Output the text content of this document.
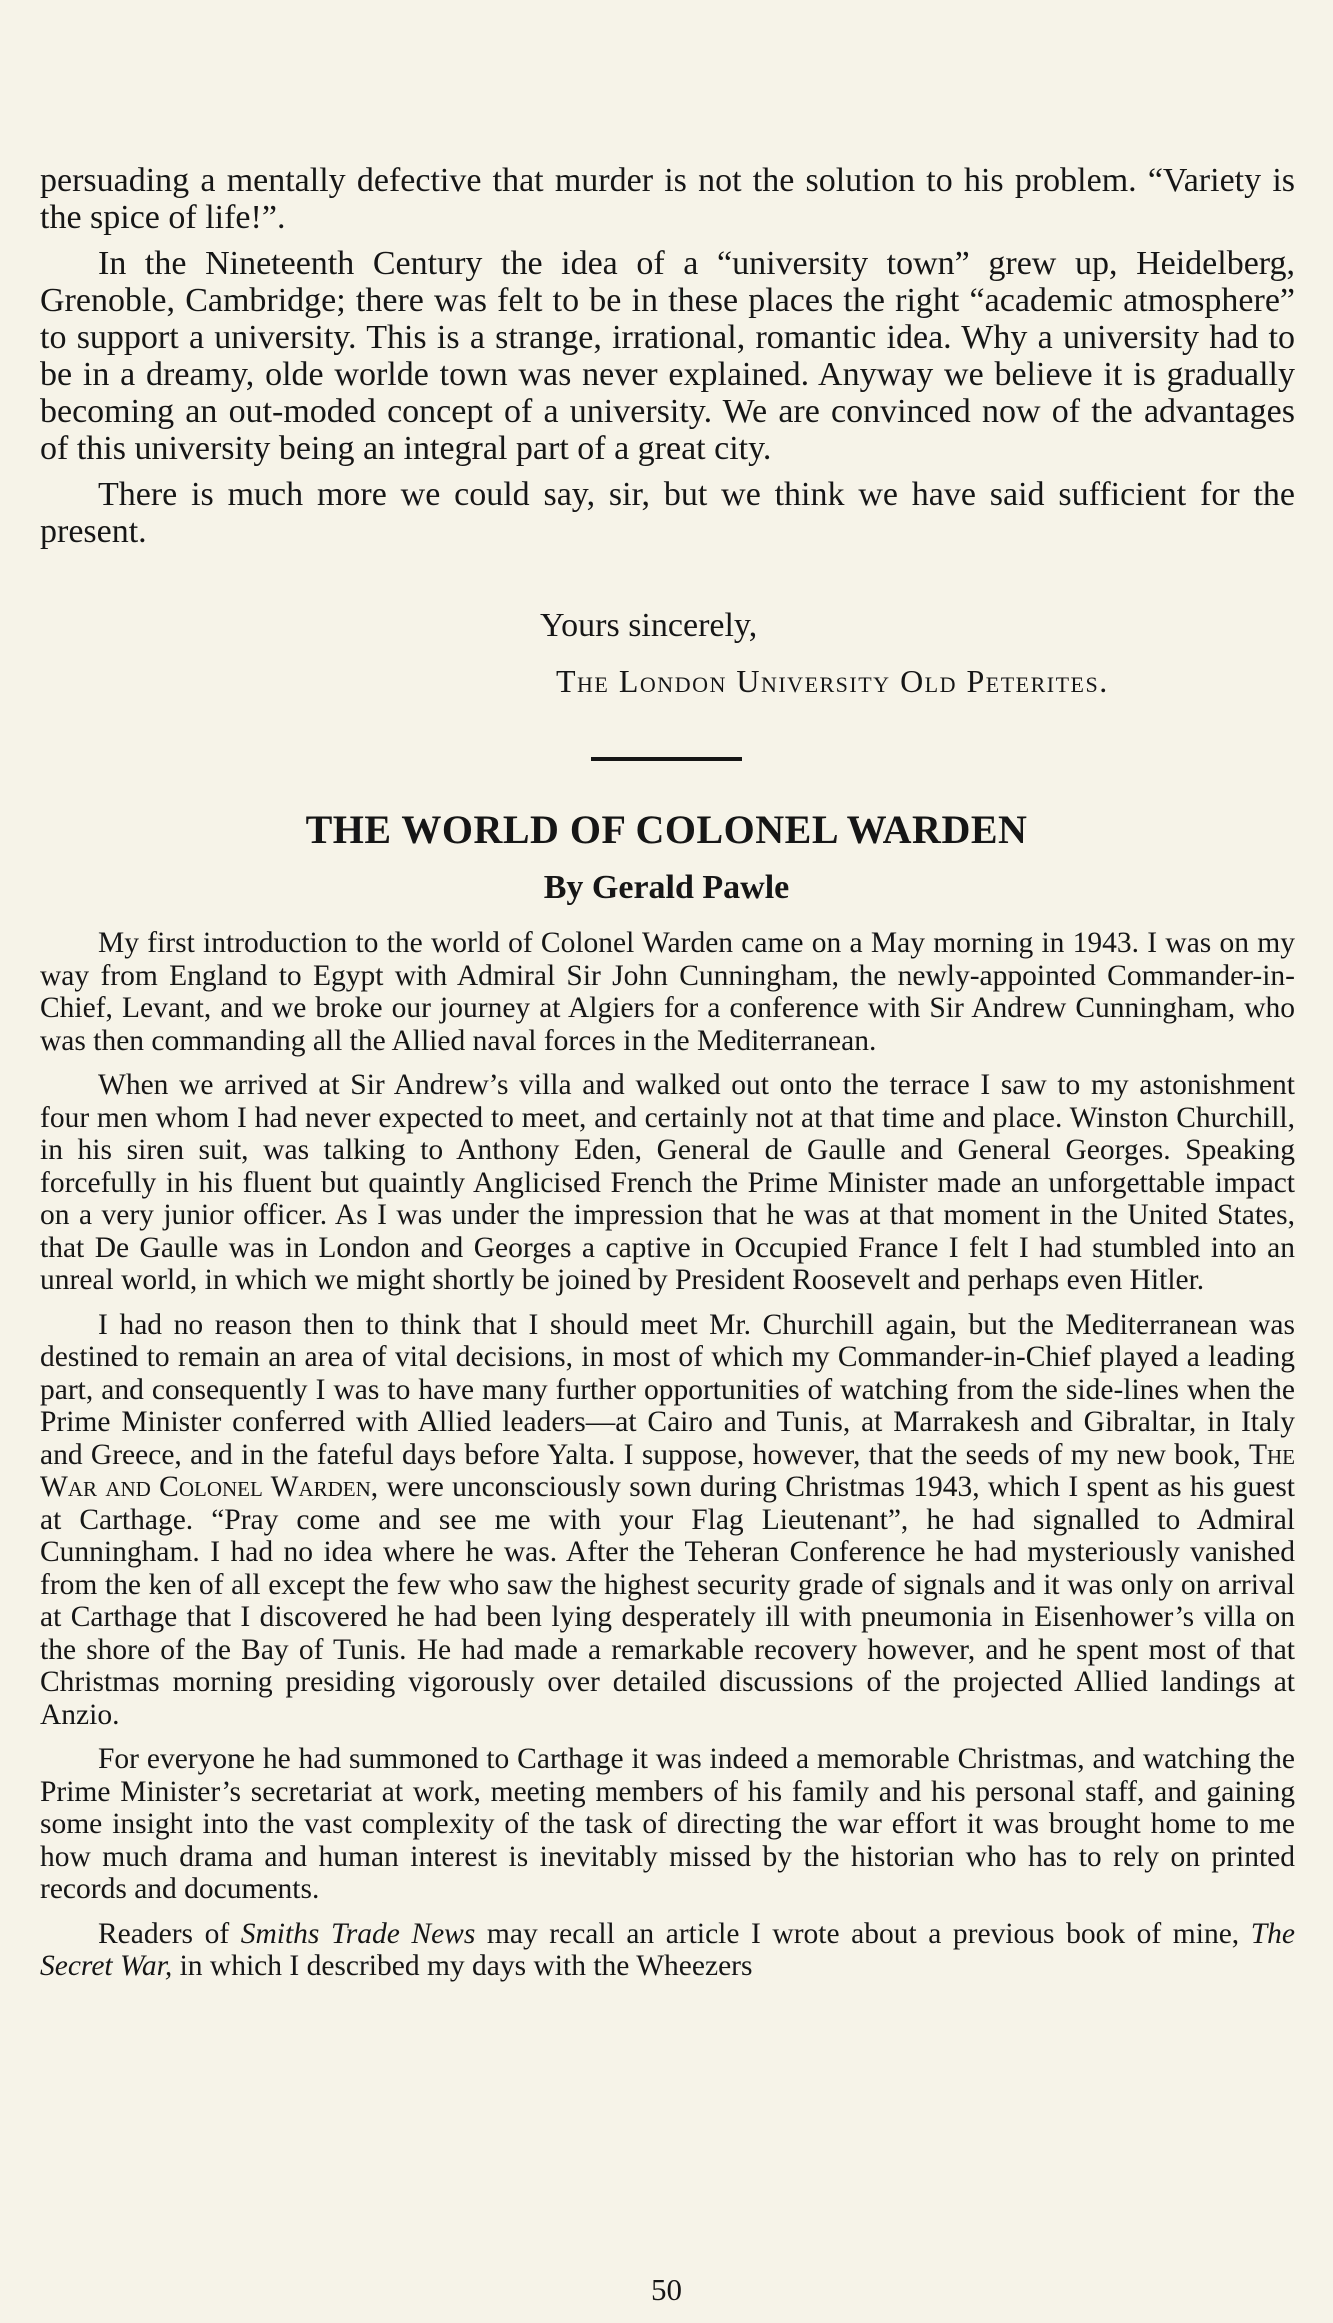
persuading a mentally defective that murder is not the solution to his problem. “Variety is the spice of life!”.

In the Nineteenth Century the idea of a “university town” grew up, Heidelberg, Grenoble, Cambridge; there was felt to be in these places the right “academic atmosphere” to support a university. This is a strange, irrational, romantic idea. Why a university had to be in a dreamy, olde worlde town was never explained. Anyway we believe it is gradually becoming an out-moded concept of a university. We are convinced now of the advantages of this university being an integral part of a great city.

There is much more we could say, sir, but we think we have said sufficient for the present.

Yours sincerely,

The London University Old Peterites.

THE WORLD OF COLONEL WARDEN
By Gerald Pawle

My first introduction to the world of Colonel Warden came on a May morning in 1943. I was on my way from England to Egypt with Admiral Sir John Cunningham, the newly-appointed Commander-in-Chief, Levant, and we broke our journey at Algiers for a conference with Sir Andrew Cunningham, who was then commanding all the Allied naval forces in the Mediterranean.

When we arrived at Sir Andrew’s villa and walked out onto the terrace I saw to my astonishment four men whom I had never expected to meet, and certainly not at that time and place. Winston Churchill, in his siren suit, was talking to Anthony Eden, General de Gaulle and General Georges. Speaking forcefully in his fluent but quaintly Anglicised French the Prime Minister made an unforgettable impact on a very junior officer. As I was under the impression that he was at that moment in the United States, that De Gaulle was in London and Georges a captive in Occupied France I felt I had stumbled into an unreal world, in which we might shortly be joined by President Roosevelt and perhaps even Hitler.

I had no reason then to think that I should meet Mr. Churchill again, but the Mediterranean was destined to remain an area of vital decisions, in most of which my Commander-in-Chief played a leading part, and consequently I was to have many further opportunities of watching from the side-lines when the Prime Minister conferred with Allied leaders—at Cairo and Tunis, at Marrakesh and Gibraltar, in Italy and Greece, and in the fateful days before Yalta. I suppose, however, that the seeds of my new book, The War and Colonel Warden, were unconsciously sown during Christmas 1943, which I spent as his guest at Carthage. “Pray come and see me with your Flag Lieutenant”, he had signalled to Admiral Cunningham. I had no idea where he was. After the Teheran Conference he had mysteriously vanished from the ken of all except the few who saw the highest security grade of signals and it was only on arrival at Carthage that I discovered he had been lying desperately ill with pneumonia in Eisenhower’s villa on the shore of the Bay of Tunis. He had made a remarkable recovery however, and he spent most of that Christmas morning presiding vigorously over detailed discussions of the projected Allied landings at Anzio.

For everyone he had summoned to Carthage it was indeed a memorable Christmas, and watching the Prime Minister’s secretariat at work, meeting members of his family and his personal staff, and gaining some insight into the vast complexity of the task of directing the war effort it was brought home to me how much drama and human interest is inevitably missed by the historian who has to rely on printed records and documents.

Readers of Smiths Trade News may recall an article I wrote about a previous book of mine, The Secret War, in which I described my days with the Wheezers

50
